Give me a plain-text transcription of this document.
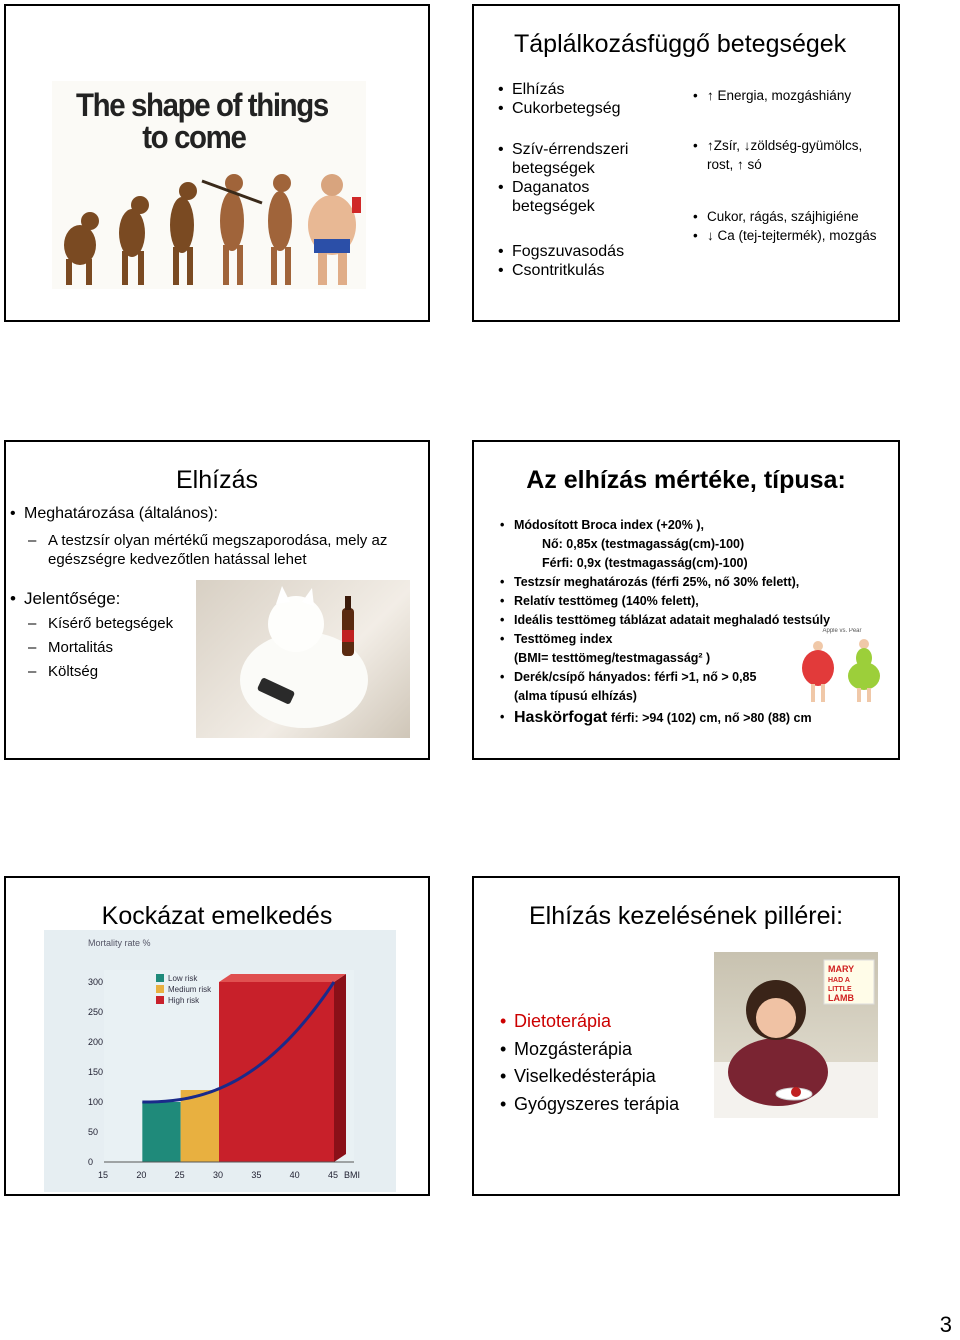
The shape of things
to come
Táplálkozásfüggő betegségek
• Elhízás
• Cukorbetegség
• Szív-érrendszeri betegségek
• Daganatos betegségek
• Fogszuvasodás
• Csontritkulás
• ↑ Energia, mozgáshiány
• ↑Zsír, ↓zöldség-gyümölcs, rost, ↑ só
• Cukor, rágás, szájhigiéne
• ↓ Ca (tej-tejtermék), mozgás
Elhízás
• Meghatározása (általános):
– A testzsír olyan mértékű megszaporodása, mely az egészségre kedvezőtlen hatással lehet
• Jelentősége:
– Kísérő betegségek
– Mortalitás
– Költség
Az elhízás mértéke, típusa:
• Módosított Broca index (+20% ),

• Nő: 0,85x (testmagasság(cm)-100)

• Férfi: 0,9x (testmagasság(cm)-100)
• Testzsír meghatározás (férfi 25%, nő 30% felett),
• Relatív testtömeg (140% felett),
• Ideális testtömeg táblázat adatait meghaladó testsúly
• Testtömeg index

• (BMI= testtömeg/testmagasság² )
• Derék/csípő hányados: férfi >1, nő > 0,85

• (alma típusú elhízás)
• Haskörfogat férfi: >94 (102) cm, nő >80 (88) cm
Apple vs. Pear
Kockázat emelkedés
Mortality rate %
0
50
100
150
200
250
300
15	20	25	30	35	40	45 BMI
Low risk
Medium risk
High risk
Elhízás kezelésének pillérei:
• Dietoterápia
• Mozgásterápia
• Viselkedésterápia
• Gyógyszeres terápia
MARY
HAD A
LITTLE
LAMB
3
